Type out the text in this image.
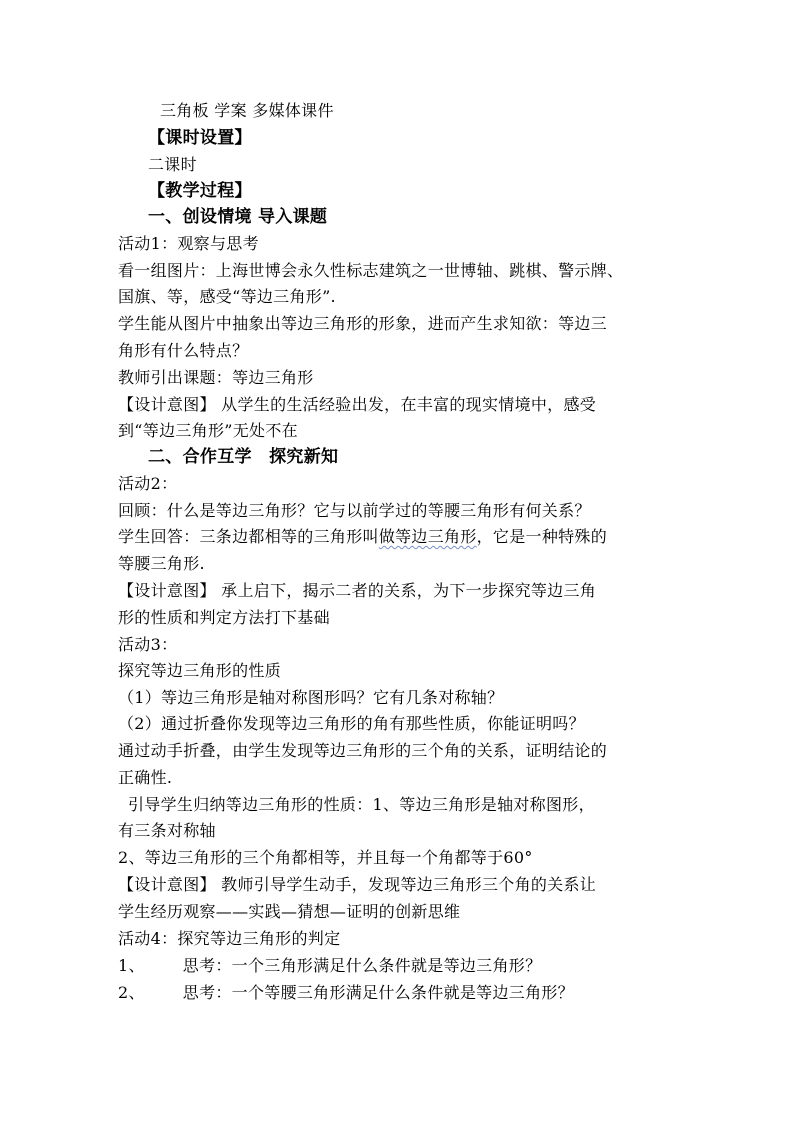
三角板 学案 多媒体课件
【课时设置】
二课时
【教学过程】
一、创设情境 导入课题
活动1：观察与思考
看一组图片：上海世博会永久性标志建筑之一世博轴、跳棋、警示牌、
国旗、等，感受“等边三角形”.
学生能从图片中抽象出等边三角形的形象，进而产生求知欲：等边三
角形有什么特点？
教师引出课题：等边三角形
【设计意图】 从学生的生活经验出发，在丰富的现实情境中，感受
到“等边三角形”无处不在
二、合作互学　探究新知
活动2：
回顾：什么是等边三角形？它与以前学过的等腰三角形有何关系？
学生回答：三条边都相等的三角形叫做等边三角形，它是一种特殊的
等腰三角形.
【设计意图】 承上启下，揭示二者的关系，为下一步探究等边三角
形的性质和判定方法打下基础
活动3：
探究等边三角形的性质
（1）等边三角形是轴对称图形吗？它有几条对称轴？
（2）通过折叠你发现等边三角形的角有那些性质，你能证明吗？
通过动手折叠，由学生发现等边三角形的三个角的关系，证明结论的
正确性.
引导学生归纳等边三角形的性质：1、等边三角形是轴对称图形，
有三条对称轴
2、等边三角形的三个角都相等，并且每一个角都等于60°
【设计意图】 教师引导学生动手，发现等边三角形三个角的关系让
学生经历观察——实践—猜想—证明的创新思维
活动4：探究等边三角形的判定
1、 思考：一个三角形满足什么条件就是等边三角形？
2、 思考：一个等腰三角形满足什么条件就是等边三角形？
